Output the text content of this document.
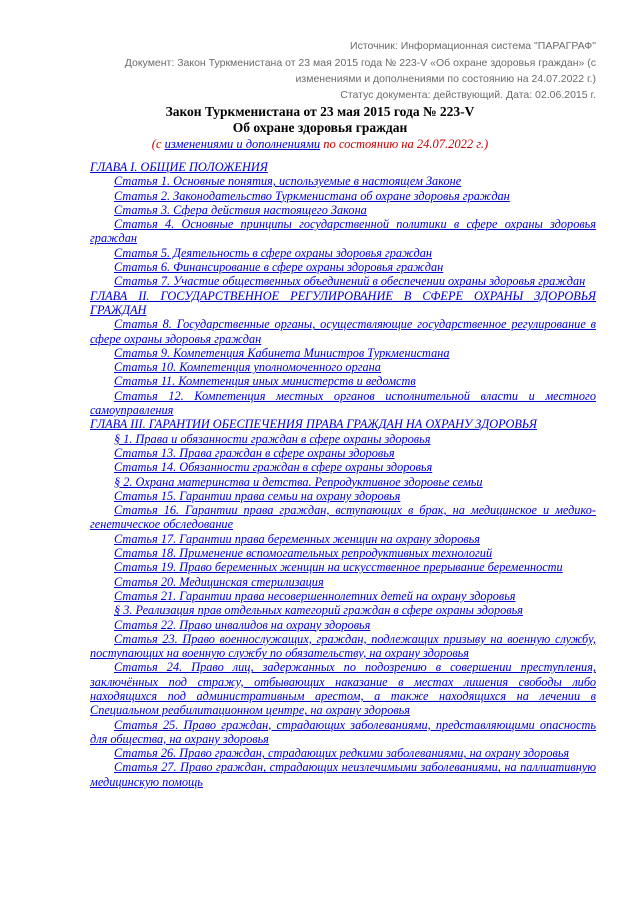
Источник: Информационная система "ПАРАГРАФ"
Документ: Закон Туркменистана от 23 мая 2015 года № 223-V «Об охране здоровья граждан» (с изменениями и дополнениями по состоянию на 24.07.2022 г.)
Статус документа: действующий. Дата: 02.06.2015 г.
Закон Туркменистана от 23 мая 2015 года № 223-V
Об охране здоровья граждан
(с изменениями и дополнениями по состоянию на 24.07.2022 г.)
ГЛАВА I. ОБЩИЕ ПОЛОЖЕНИЯ
Статья 1. Основные понятия, используемые в настоящем Законе
Статья 2. Законодательство Туркменистана об охране здоровья граждан
Статья 3. Сфера действия настоящего Закона
Статья 4. Основные принципы государственной политики в сфере охраны здоровья граждан
Статья 5. Деятельность в сфере охраны здоровья граждан
Статья 6. Финансирование в сфере охраны здоровья граждан
Статья 7. Участие общественных объединений в обеспечении охраны здоровья граждан
ГЛАВА II. ГОСУДАРСТВЕННОЕ РЕГУЛИРОВАНИЕ В СФЕРЕ ОХРАНЫ ЗДОРОВЬЯ ГРАЖДАН
Статья 8. Государственные органы, осуществляющие государственное регулирование в сфере охраны здоровья граждан
Статья 9. Компетенция Кабинета Министров Туркменистана
Статья 10. Компетенция уполномоченного органа
Статья 11. Компетенция иных министерств и ведомств
Статья 12. Компетенция местных органов исполнительной власти и местного самоуправления
ГЛАВА III. ГАРАНТИИ ОБЕСПЕЧЕНИЯ ПРАВА ГРАЖДАН НА ОХРАНУ ЗДОРОВЬЯ
§ 1. Права и обязанности граждан в сфере охраны здоровья
Статья 13. Права граждан в сфере охраны здоровья
Статья 14. Обязанности граждан в сфере охраны здоровья
§ 2. Охрана материнства и детства. Репродуктивное здоровье семьи
Статья 15. Гарантии права семьи на охрану здоровья
Статья 16. Гарантии права граждан, вступающих в брак, на медицинское и медико-генетическое обследование
Статья 17. Гарантии права беременных женщин на охрану здоровья
Статья 18. Применение вспомогательных репродуктивных технологий
Статья 19. Право беременных женщин на искусственное прерывание беременности
Статья 20. Медицинская стерилизация
Статья 21. Гарантии права несовершеннолетних детей на охрану здоровья
§ 3. Реализация прав отдельных категорий граждан в сфере охраны здоровья
Статья 22. Право инвалидов на охрану здоровья
Статья 23. Право военнослужащих, граждан, подлежащих призыву на военную службу, поступающих на военную службу по обязательству, на охрану здоровья
Статья 24. Право лиц, задержанных по подозрению в совершении преступления, заключённых под стражу, отбывающих наказание в местах лишения свободы либо находящихся под административным арестом, а также находящихся на лечении в Специальном реабилитационном центре, на охрану здоровья
Статья 25. Право граждан, страдающих заболеваниями, представляющими опасность для общества, на охрану здоровья
Статья 26. Право граждан, страдающих редкими заболеваниями, на охрану здоровья
Статья 27. Право граждан, страдающих неизлечимыми заболеваниями, на паллиативную медицинскую помощь
